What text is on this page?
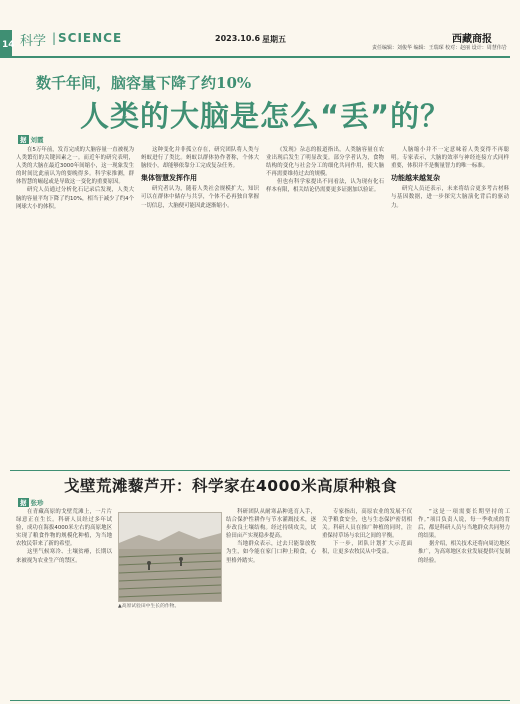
14 科学 | SCIENCE	2023.10.6 星期五	西藏商报
责任编辑：刘俊华 编辑：王瑞琛 校对：赵丽 设计：周慧伟岩
数千年间，脑容量下降了约10%
人类的大脑是怎么“丢”的？
据 刘霞

在5万年前，发育完成的大脑容量一直被视为人类繁衍的关键因素之一。而近年的研究表明，人类的大脑在最近3000年间缩小，这一现象发生的时间比此前认为的要晚得多。科学家推测，群体智慧的崛起或是导致这一变化的重要原因。

研究人员通过分析化石记录后发现，人类大脑的容量平均下降了约10%，相当于减少了约4个网球大小的体积。

这种变化并非孤立存在，研究团队将人类与蚂蚁进行了类比。蚂蚁以群体协作著称，个体大脑较小，却能够依靠分工完成复杂任务。

集体智慧发挥作用

研究者认为，随着人类社会规模扩大，知识可以在群体中储存与共享，个体不必再独自掌握一切信息，大脑便可能因此逐渐缩小。

《发现》杂志的报道指出，人类脑容量在农业出现后发生了明显改变。部分学者认为，食物结构的变化与社会分工的细化共同作用，使大脑不再需要维持过去的规模。

但也有科学家提出不同看法，认为现有化石样本有限，相关结论仍需要更多证据加以验证。

人脑缩小并不一定意味着人类变得不再聪明。专家表示，大脑的效率与神经连接方式同样重要，体积并不是衡量智力的唯一标准。

功能越来越复杂

研究人员还表示，未来将结合更多考古材料与基因数据，进一步探究大脑演化背后的驱动力。

戈壁荒滩藜芦开：科学家在4000米高原种粮食
据 张珍

在青藏高原的戈壁荒滩上，一片片绿意正在生长。科研人员经过多年试验，成功在海拔4000米左右的高原地区实现了粮食作物的规模化种植，为当地农牧民带来了新的希望。

这里气候寒冷、土壤贫瘠，长期以来被视为农业生产的禁区。

科研团队从耐寒品种选育入手，结合保护性耕作与节水灌溉技术，逐步改良土壤结构。经过持续攻关，试验田亩产实现稳步提高。

当地群众表示，过去只能靠放牧为生，如今能在家门口种上粮食，心里格外踏实。

专家指出，高原农业的发展不仅关乎粮食安全，也与生态保护密切相关。科研人员在推广种植的同时，注重保持草场与农田之间的平衡。

下一步，团队计划扩大示范面积，让更多农牧民从中受益。

“这是一项需要长期坚持的工作。”项目负责人说，每一季收成的背后，都是科研人员与当地群众共同努力的结果。

据介绍，相关技术还将向周边地区推广，为高寒地区农业发展提供可复制的经验。

▲高原试验田中生长的作物。
